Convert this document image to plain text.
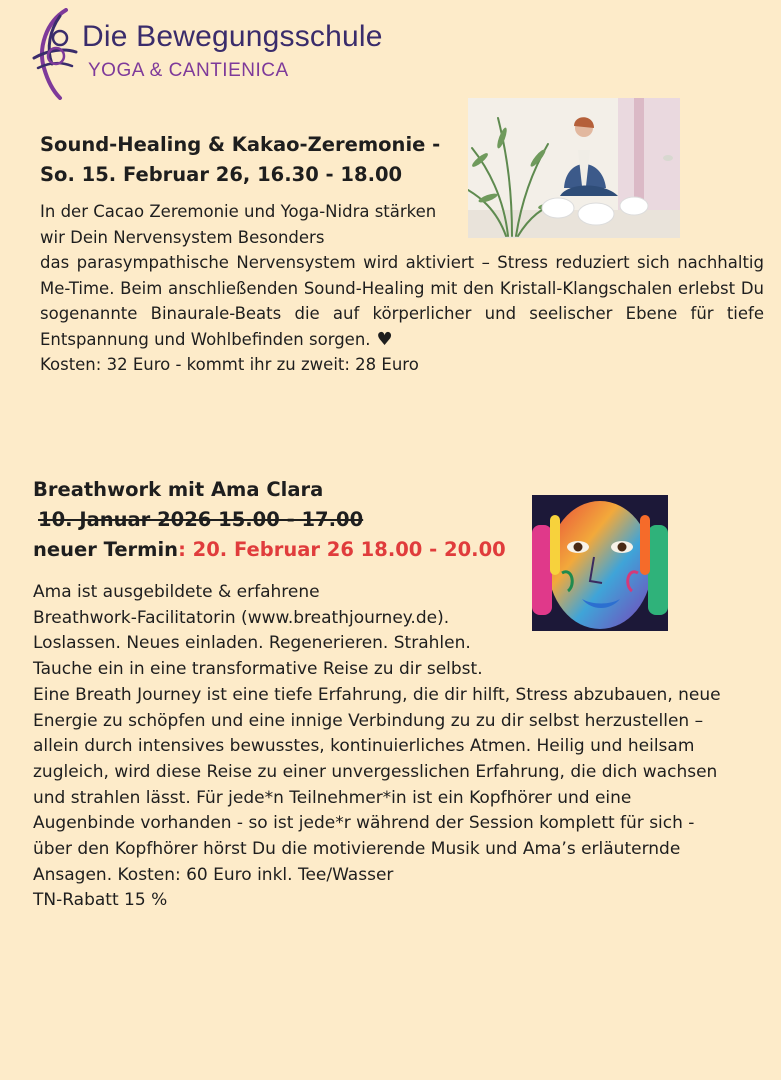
Die Bewegungsschule
YOGA & CANTIENICA
Sound-Healing & Kakao-Zeremonie -
So. 15. Februar 26, 16.30 - 18.00

In der Cacao Zeremonie und Yoga-Nidra stärken wir Dein Nervensystem Besonders

das parasympathische Nervensystem wird aktiviert – Stress reduziert sich nachhaltig Me-Time. Beim anschließenden Sound-Healing mit den Kristall-Klangschalen erlebst Du sogenannte Binaurale-Beats die auf körperlicher und seelischer Ebene für tiefe Entspannung und Wohlbefinden sorgen. ♥

Kosten: 32 Euro - kommt ihr zu zweit: 28 Euro

Breathwork mit Ama Clara
10. Januar 2026 15.00 - 17.00
neuer Termin: 20. Februar 26 18.00 - 20.00

Ama ist ausgebildete & erfahrene
Breathwork-Facilitatorin (www.breathjourney.de).
Loslassen. Neues einladen. Regenerieren. Strahlen.
Tauche ein in eine transformative Reise zu dir selbst.
Eine Breath Journey ist eine tiefe Erfahrung, die dir hilft, Stress abzubauen, neue
Energie zu schöpfen und eine innige Verbindung zu zu dir selbst herzustellen –
allein durch intensives bewusstes, kontinuierliches Atmen. Heilig und heilsam
zugleich, wird diese Reise zu einer unvergesslichen Erfahrung, die dich wachsen
und strahlen lässt. Für jede*n Teilnehmer*in ist ein Kopfhörer und eine
Augenbinde vorhanden - so ist jede*r während der Session komplett für sich -
über den Kopfhörer hörst Du die motivierende Musik und Ama’s erläuternde
Ansagen. Kosten: 60 Euro inkl. Tee/Wasser
TN-Rabatt 15 %
